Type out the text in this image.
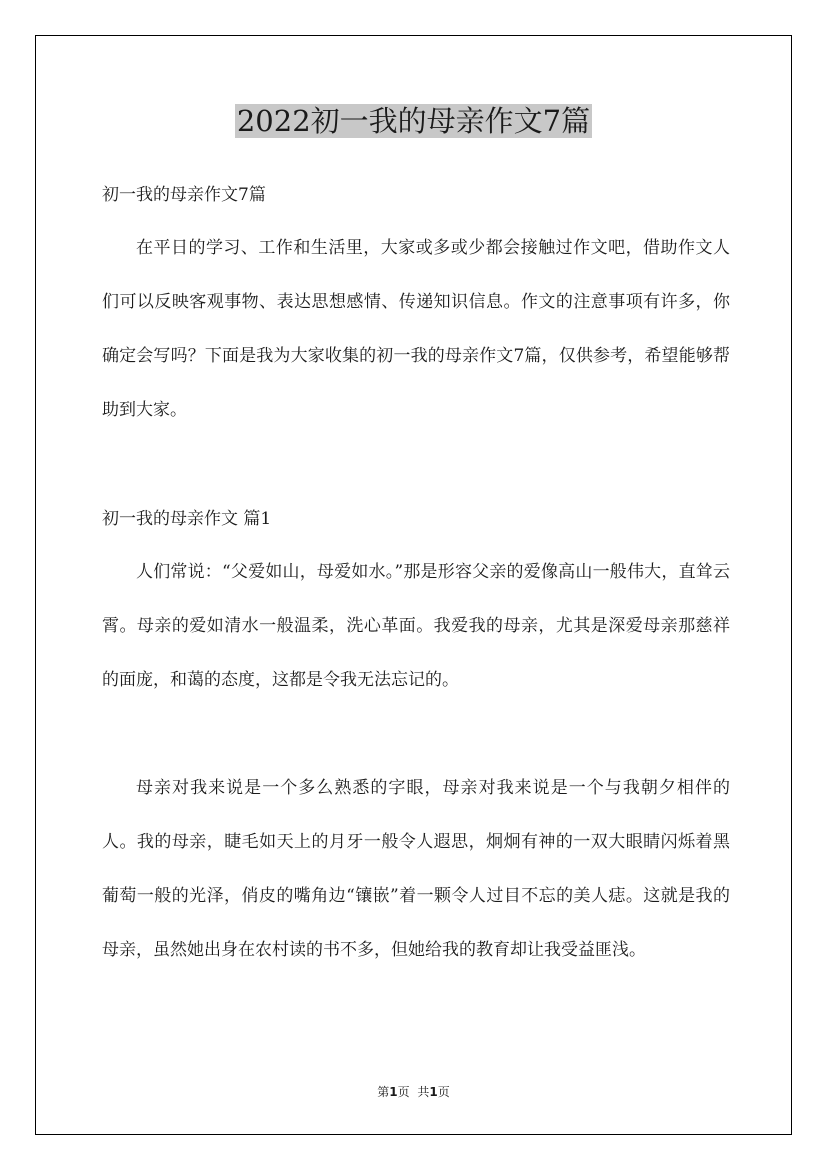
2022初一我的母亲作文7篇
初一我的母亲作文7篇

在平日的学习、工作和生活里，大家或多或少都会接触过作文吧，借助作文人们可以反映客观事物、表达思想感情、传递知识信息。作文的注意事项有许多，你确定会写吗？下面是我为大家收集的初一我的母亲作文7篇，仅供参考，希望能够帮助到大家。

初一我的母亲作文 篇1

人们常说：“父爱如山，母爱如水。”那是形容父亲的爱像高山一般伟大，直耸云霄。母亲的爱如清水一般温柔，洗心革面。我爱我的母亲，尤其是深爱母亲那慈祥的面庞，和蔼的态度，这都是令我无法忘记的。

母亲对我来说是一个多么熟悉的字眼，母亲对我来说是一个与我朝夕相伴的人。我的母亲，睫毛如天上的月牙一般令人遐思，炯炯有神的一双大眼睛闪烁着黑葡萄一般的光泽，俏皮的嘴角边“镶嵌”着一颗令人过目不忘的美人痣。这就是我的母亲，虽然她出身在农村读的书不多，但她给我的教育却让我受益匪浅。

第1页 共1页
